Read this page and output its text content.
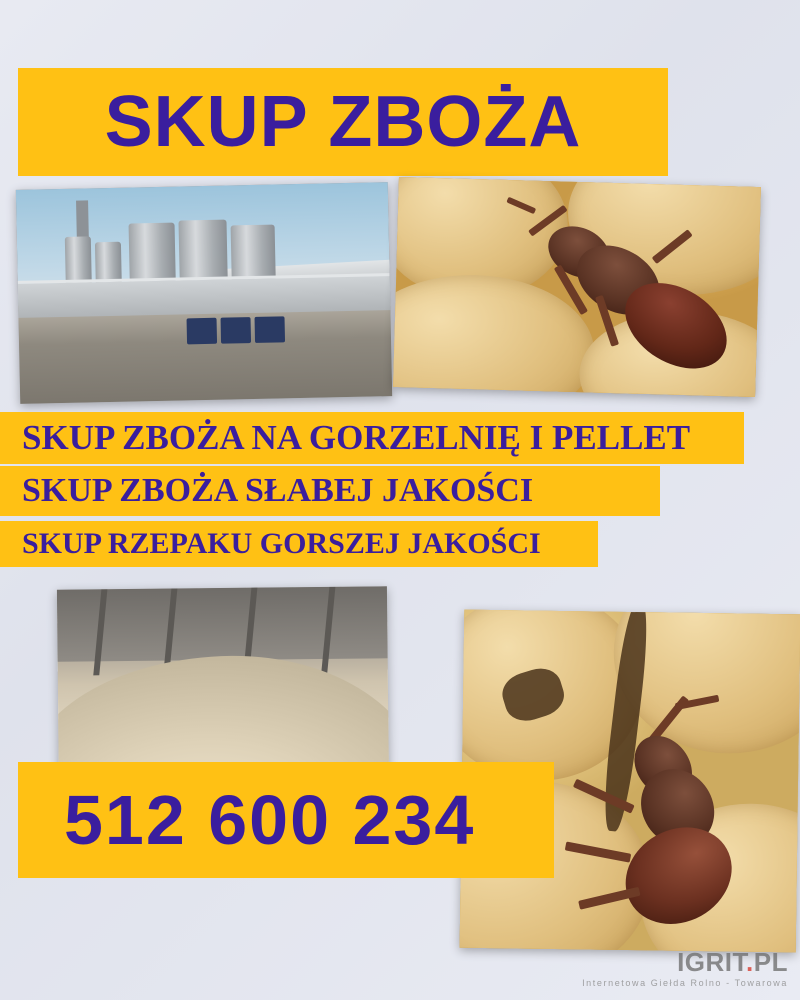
SKUP ZBOŻA
SKUP ZBOŻA NA GORZELNIĘ I PELLET
SKUP ZBOŻA SŁABEJ JAKOŚCI
SKUP RZEPAKU GORSZEJ JAKOŚCI
512 600 234
IGRIT.PL
Internetowa Giełda Rolno - Towarowa
